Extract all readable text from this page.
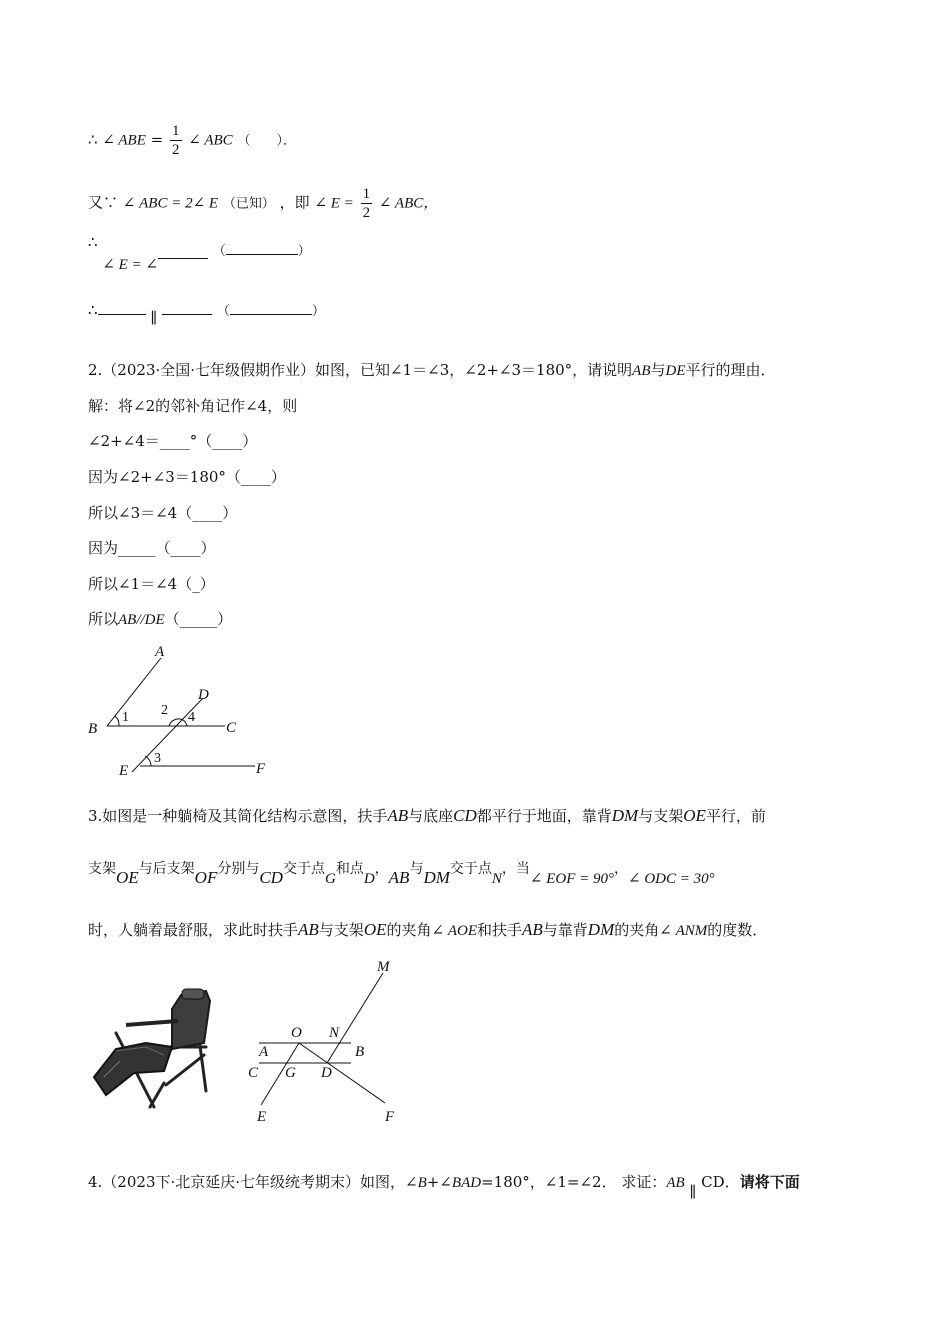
∴ ∠ ABE = $\frac{1}{2}$ ∠ ABC （　　）．
又∵ ∠ ABC = 2∠ E （已知） ，即 ∠ $E = \frac{1}{2}$ ∠ ABC，
∴ ∠ E = ∠ （	）
∴	∥	（	）
2.（2023·全国·七年级假期作业）如图，已知∠1＝∠3，∠2+∠3＝180°，请说明AB与DE平行的理由．
解：将∠2的邻补角记作∠4，则
∠2+∠4＝____°（____）
因为∠2+∠3＝180°（____）
所以∠3＝∠4（____）
因为_____（____）
所以∠1＝∠4（_）
所以AB//DE（_____）
A
B	C
D
E	F
1 2 4
3
3.如图是一种躺椅及其简化结构示意图，扶手AB与底座CD都平行于地面，靠背DM与支架OE平行，前
支架OE与后支架OF分别与CD交于点G和点D，AB与DM交于点N，当∠ EOF = 90°，∠ ODC = 30°
时，人躺着最舒服，求此时扶手AB与支架OE的夹角∠ AOE和扶手AB与靠背DM的夹角∠ ANM的度数．
M
O N
A	B
C G D
E	F
4.（2023下·北京延庆·七年级统考期末）如图，∠B+∠BAD=180°，∠1=∠2． 求证：AB ∥ CD．请将下面
